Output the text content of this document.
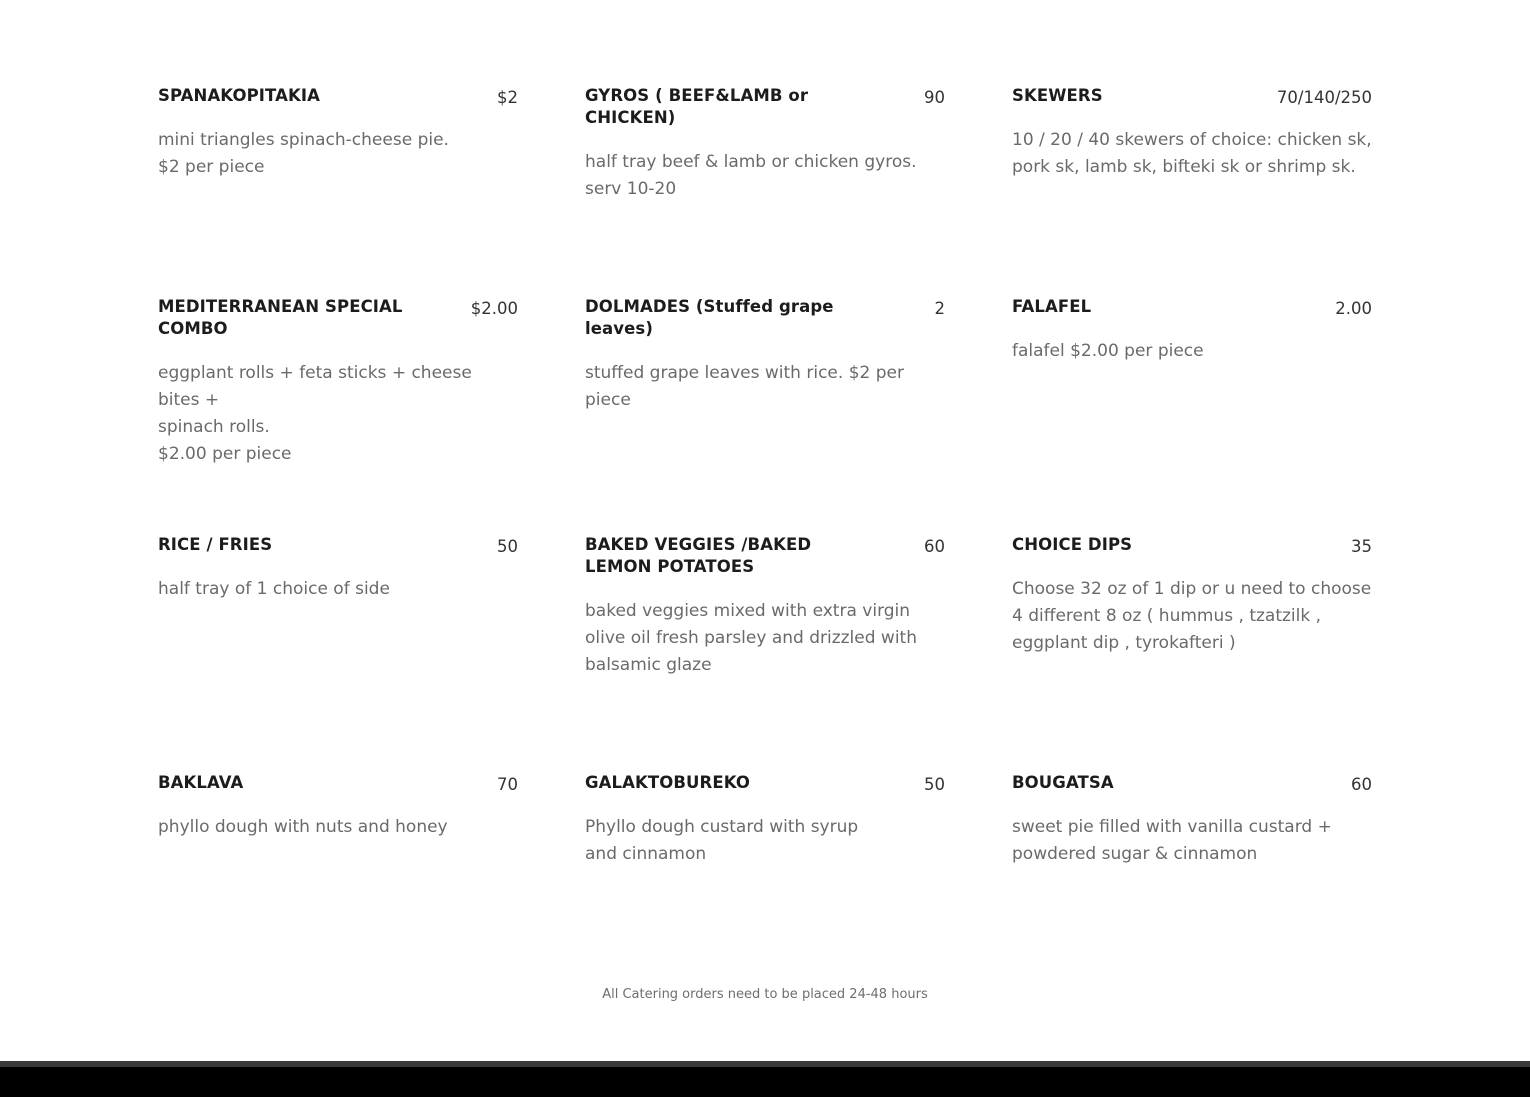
SPANAKOPITAKIA	$2
mini triangles spinach-cheese pie.
$2 per piece
GYROS ( BEEF&LAMB or CHICKEN)
90
half tray beef & lamb or chicken gyros.
serv 10-20
SKEWERS	70/140/250
10 / 20 / 40 skewers of choice: chicken sk,
pork sk, lamb sk, bifteki sk or shrimp sk.
MEDITERRANEAN SPECIAL COMBO
$2.00
eggplant rolls + feta sticks + cheese bites +
spinach rolls.
$2.00 per piece
DOLMADES (Stuffed grape leaves)
2
stuffed grape leaves with rice. $2 per piece
FALAFEL	2.00
falafel $2.00 per piece
RICE / FRIES	50
half tray of 1 choice of side
BAKED VEGGIES /BAKED LEMON POTATOES
60
baked veggies mixed with extra virgin
olive oil fresh parsley and drizzled with
balsamic glaze
CHOICE DIPS	35
Choose 32 oz of 1 dip or u need to choose
4 different 8 oz ( hummus , tzatzilk ,
eggplant dip , tyrokafteri )
BAKLAVA	70
phyllo dough with nuts and honey
GALAKTOBUREKO	50
Phyllo dough custard with syrup
and cinnamon
BOUGATSA	60
sweet pie filled with vanilla custard +
powdered sugar & cinnamon
All Catering orders need to be placed 24-48 hours
